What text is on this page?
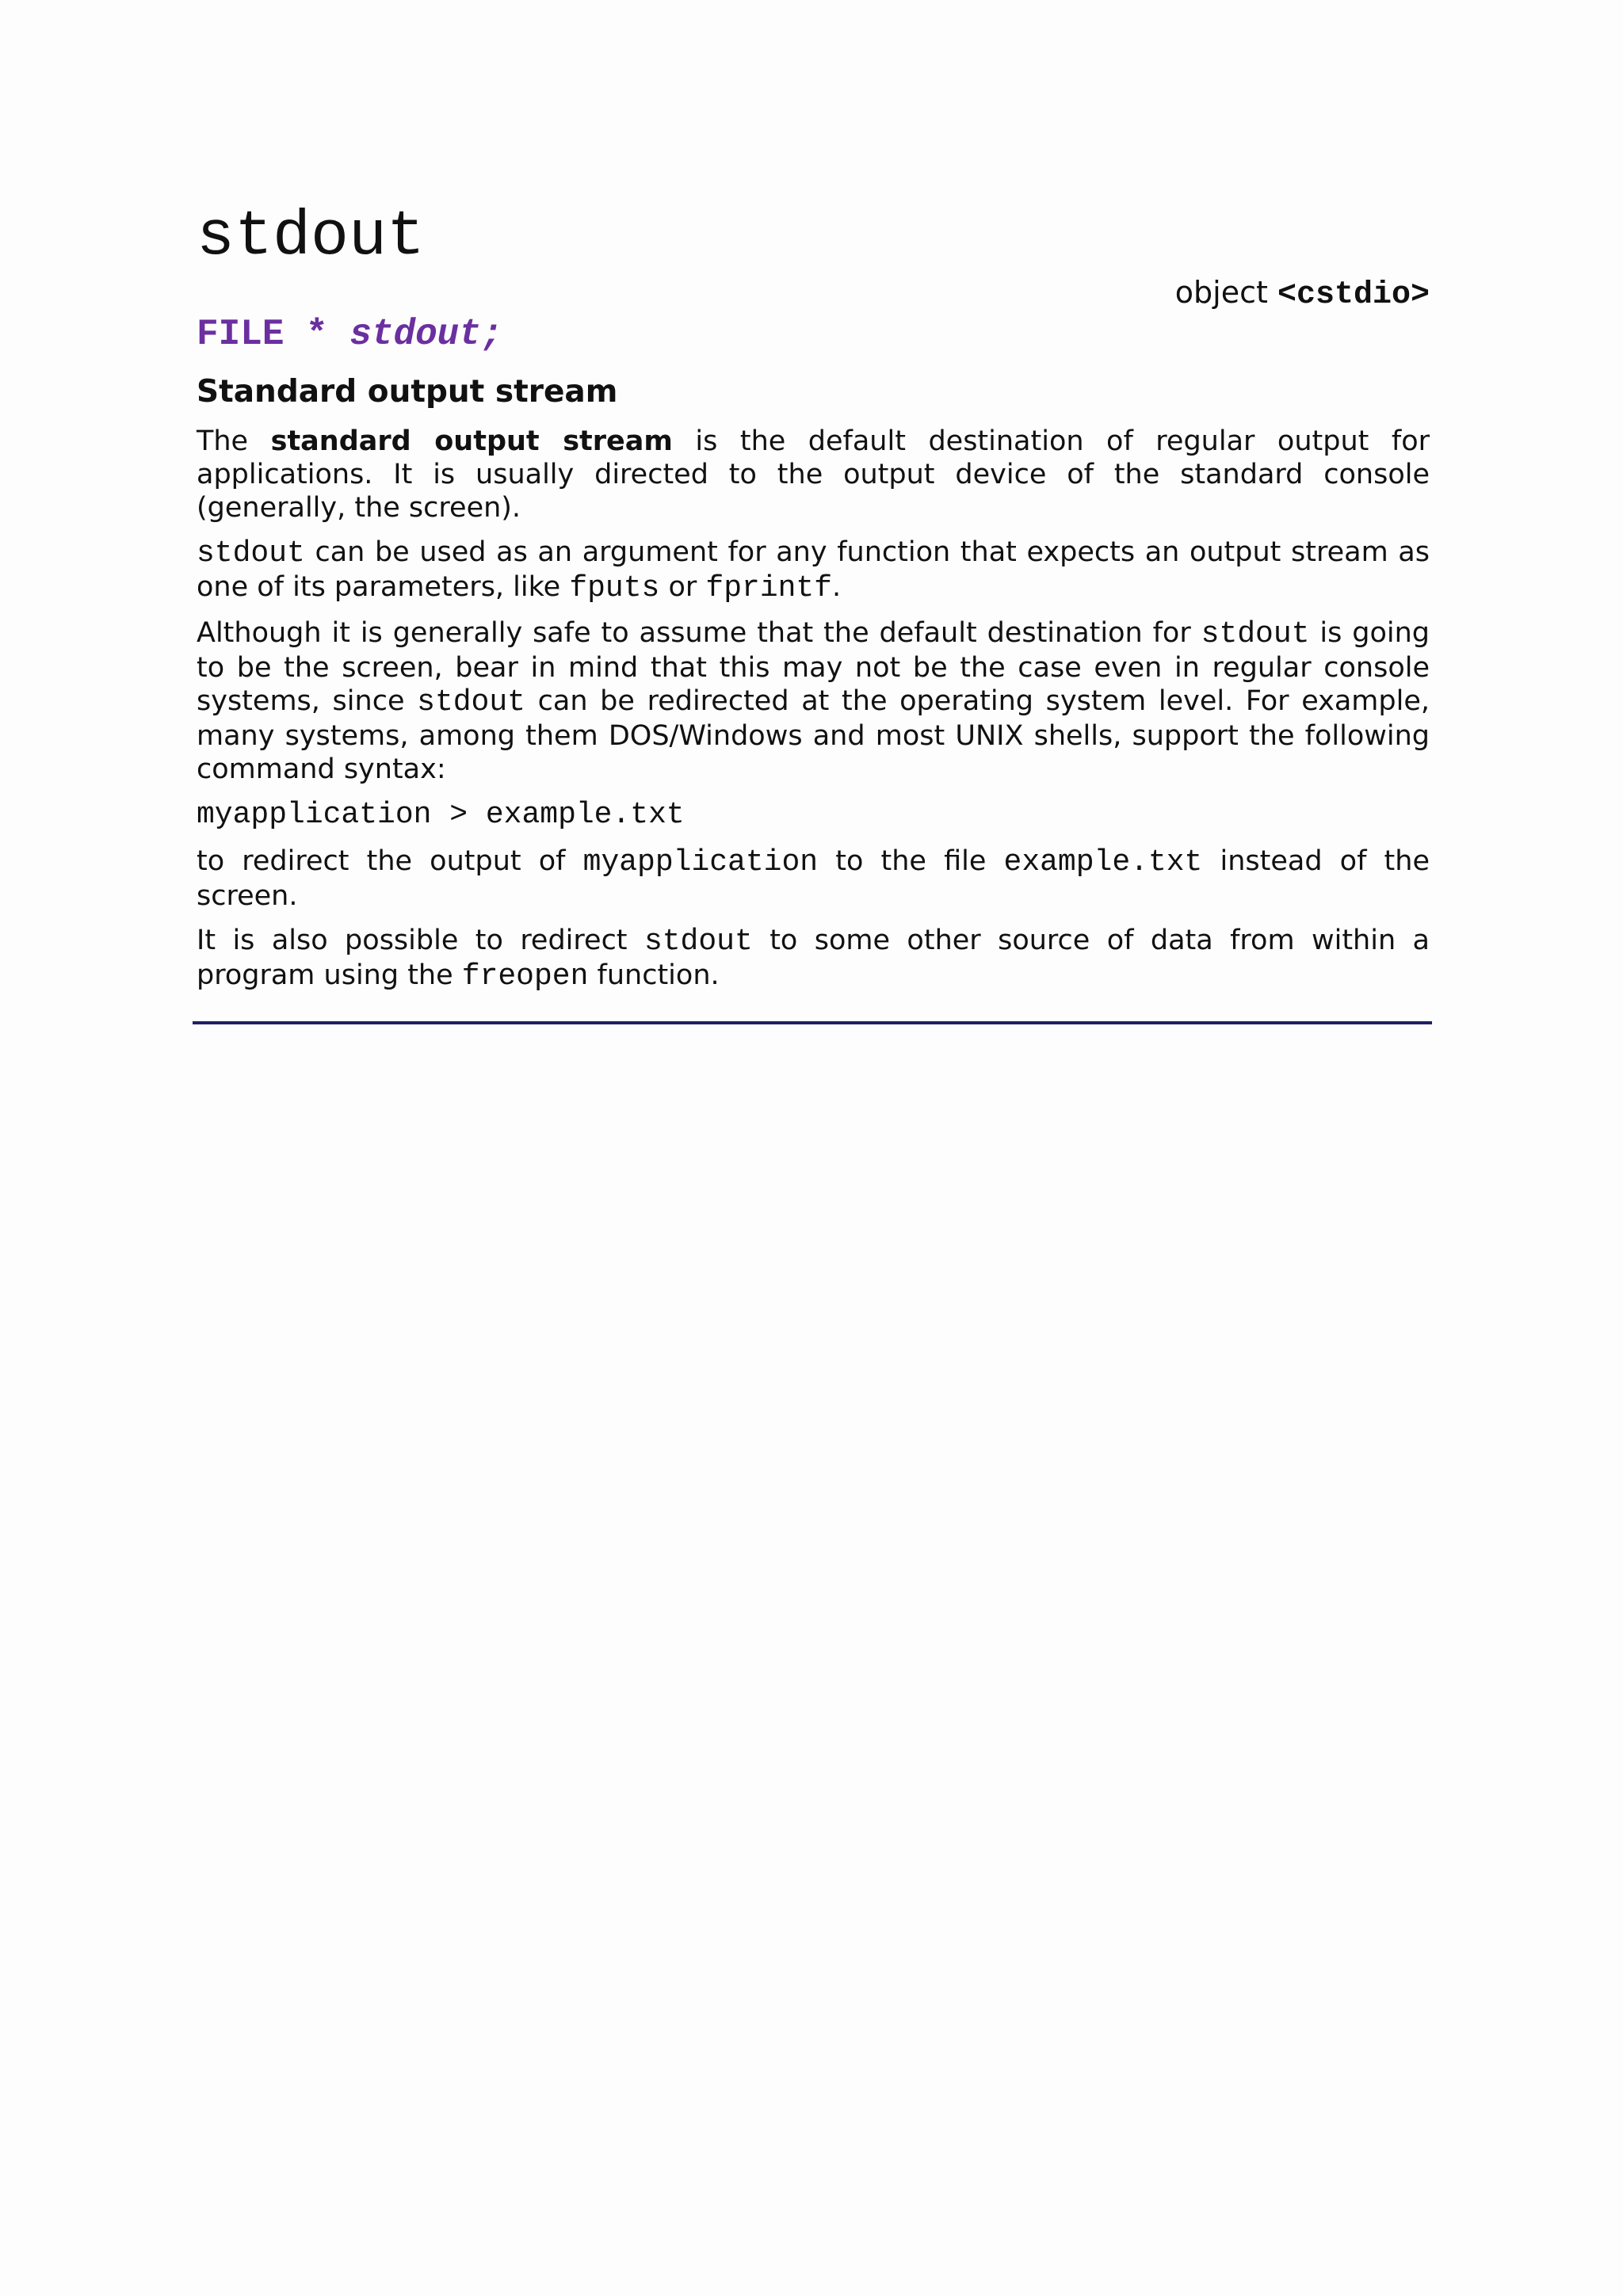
stdout
object <cstdio>
FILE * stdout;
Standard output stream

The standard output stream is the default destination of regular output for applications. It is usually directed to the output device of the standard console (generally, the screen).

stdout can be used as an argument for any function that expects an output stream as one of its parameters, like fputs or fprintf.

Although it is generally safe to assume that the default destination for stdout is going to be the screen, bear in mind that this may not be the case even in regular console systems, since stdout can be redirected at the operating system level. For example, many systems, among them DOS/Windows and most UNIX shells, support the following command syntax:

myapplication > example.txt

to redirect the output of myapplication to the file example.txt instead of the screen.

It is also possible to redirect stdout to some other source of data from within a program using the freopen function.
